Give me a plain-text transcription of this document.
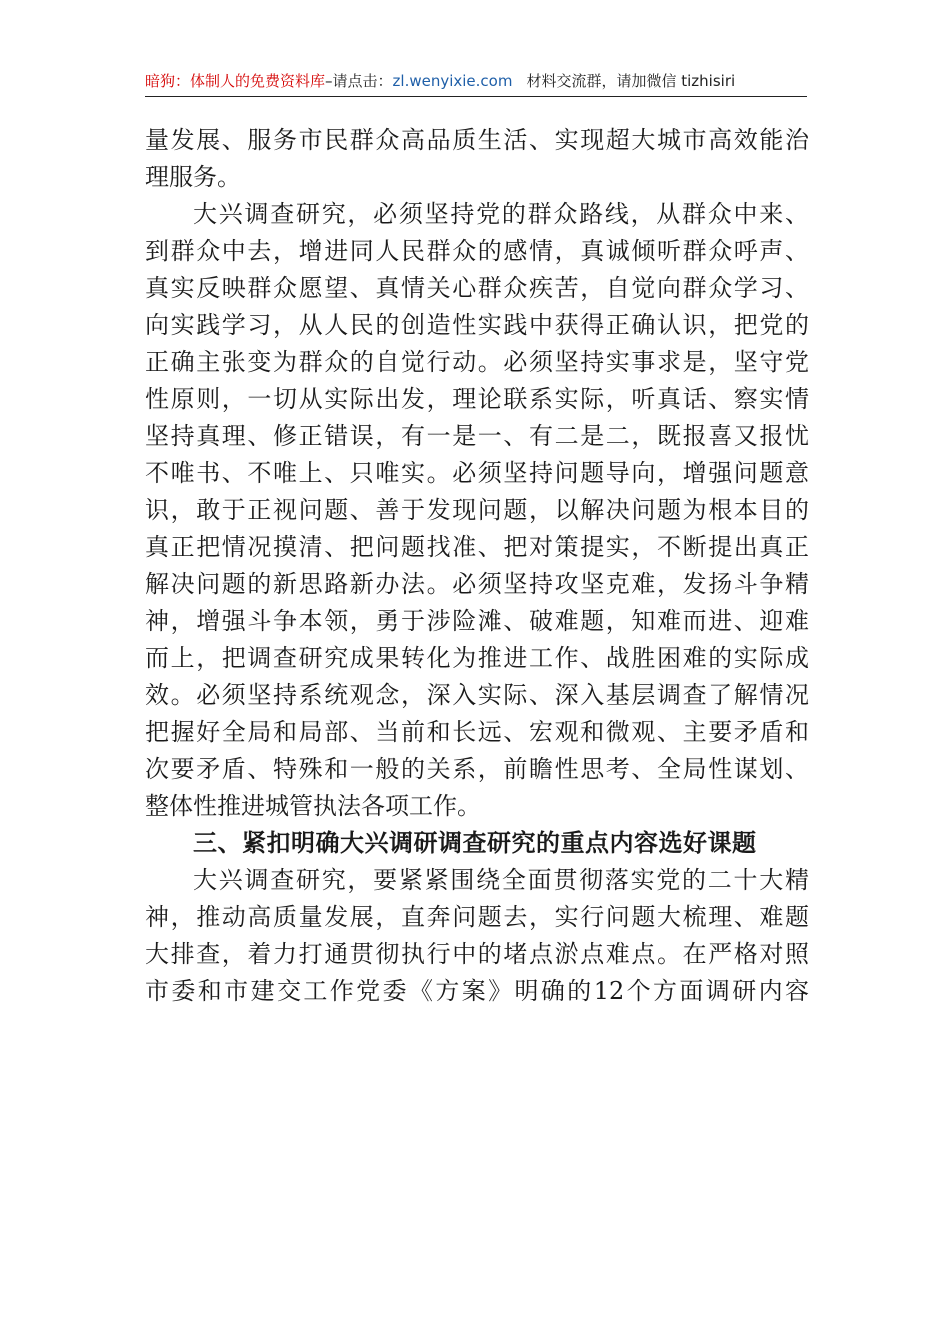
暗狗：体制人的免费资料库–请点击：zl.wenyixie.com 材料交流群，请加微信 tizhisiri
量发展、服务市民群众高品质生活、实现超大城市高效能治
理服务。
大兴调查研究，必须坚持党的群众路线，从群众中来、
到群众中去，增进同人民群众的感情，真诚倾听群众呼声、
真实反映群众愿望、真情关心群众疾苦，自觉向群众学习、
向实践学习，从人民的创造性实践中获得正确认识，把党的
正确主张变为群众的自觉行动。必须坚持实事求是，坚守党
性原则，一切从实际出发，理论联系实际，听真话、察实情
坚持真理、修正错误，有一是一、有二是二，既报喜又报忧
不唯书、不唯上、只唯实。必须坚持问题导向，增强问题意
识，敢于正视问题、善于发现问题，以解决问题为根本目的
真正把情况摸清、把问题找准、把对策提实，不断提出真正
解决问题的新思路新办法。必须坚持攻坚克难，发扬斗争精
神，增强斗争本领，勇于涉险滩、破难题，知难而进、迎难
而上，把调查研究成果转化为推进工作、战胜困难的实际成
效。必须坚持系统观念，深入实际、深入基层调查了解情况
把握好全局和局部、当前和长远、宏观和微观、主要矛盾和
次要矛盾、特殊和一般的关系，前瞻性思考、全局性谋划、
整体性推进城管执法各项工作。
三、紧扣明确大兴调研调查研究的重点内容选好课题
大兴调查研究，要紧紧围绕全面贯彻落实党的二十大精
神，推动高质量发展，直奔问题去，实行问题大梳理、难题
大排查，着力打通贯彻执行中的堵点淤点难点。在严格对照
市委和市建交工作党委《方案》明确的12个方面调研内容
